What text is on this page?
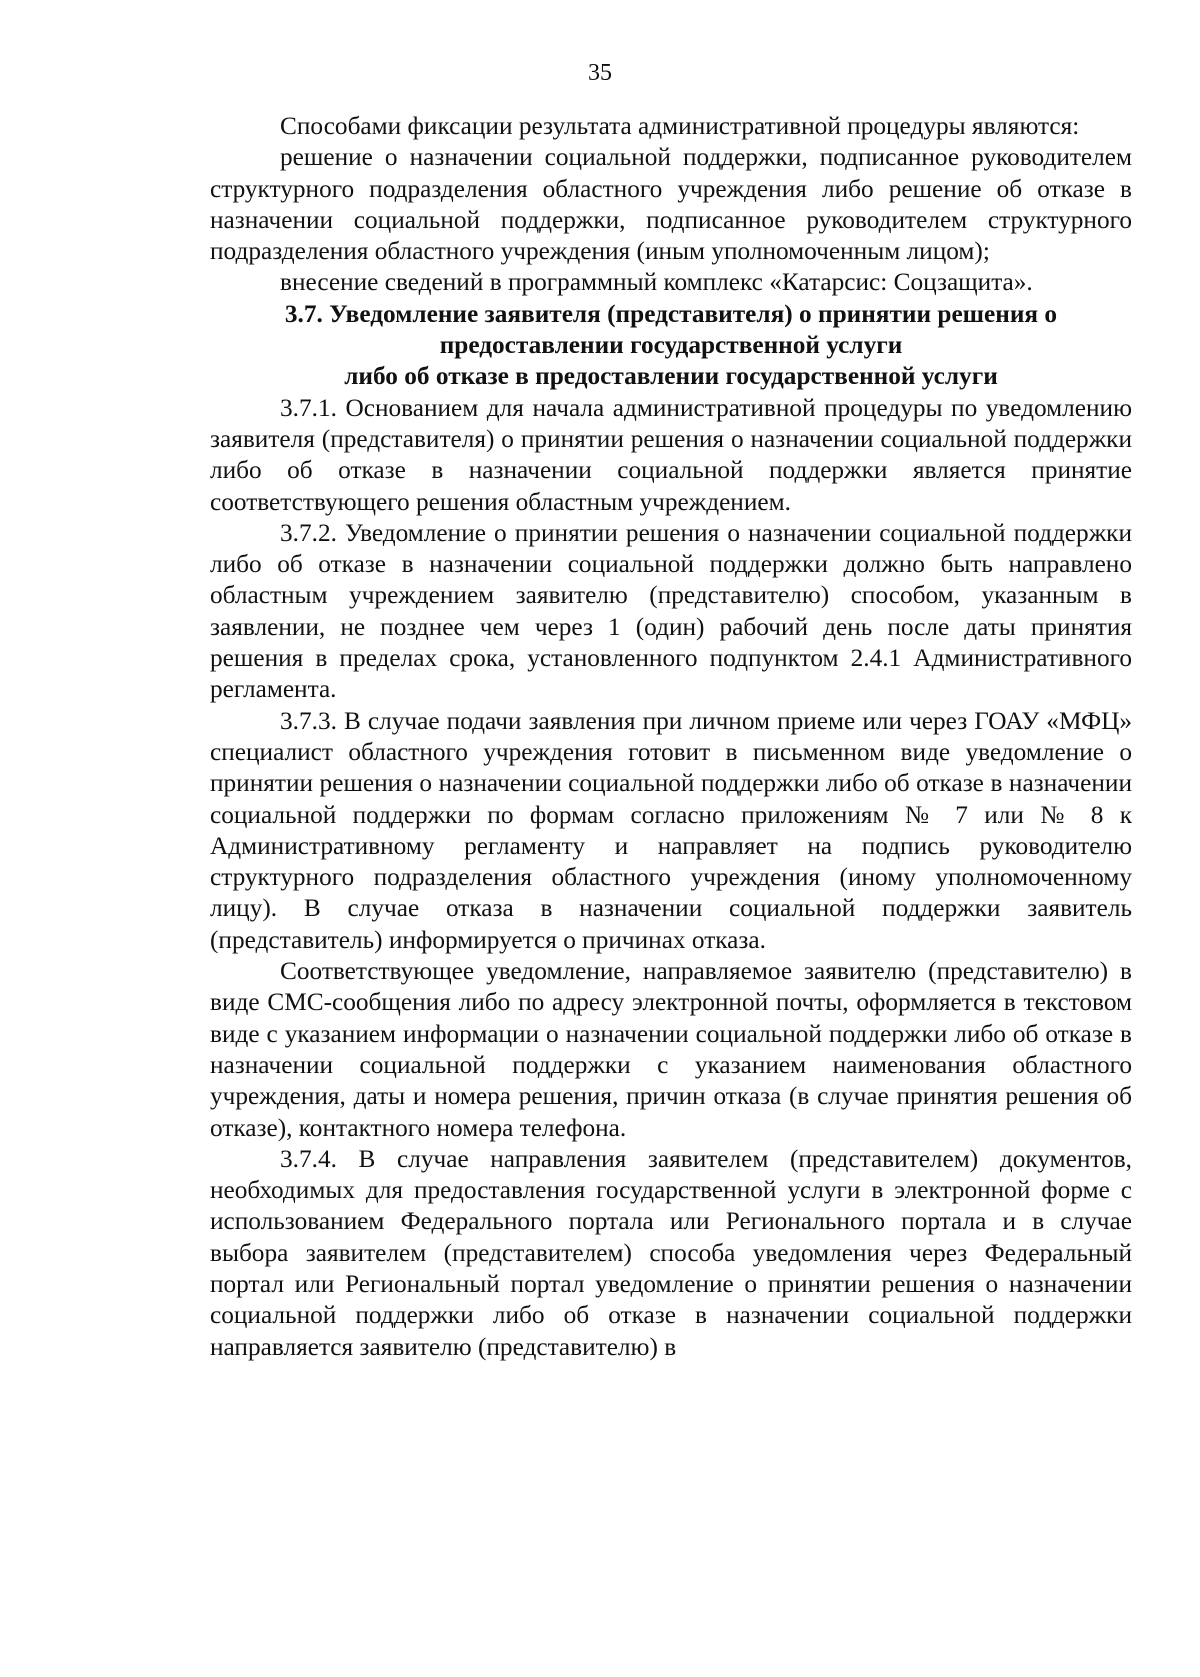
35

Способами фиксации результата административной процедуры являются:

решение о назначении социальной поддержки, подписанное руководителем структурного подразделения областного учреждения либо решение об отказе в назначении социальной поддержки, подписанное руководителем структурного подразделения областного учреждения (иным уполномоченным лицом);

внесение сведений в программный комплекс «Катарсис: Соцзащита».

3.7. Уведомление заявителя (представителя) о принятии решения о

предоставлении государственной услуги

либо об отказе в предоставлении государственной услуги

3.7.1. Основанием для начала административной процедуры по уведомлению заявителя (представителя) о принятии решения о назначении социальной поддержки либо об отказе в назначении социальной поддержки является принятие соответствующего решения областным учреждением.

3.7.2. Уведомление о принятии решения о назначении социальной поддержки либо об отказе в назначении социальной поддержки должно быть направлено областным учреждением заявителю (представителю) способом, указанным в заявлении, не позднее чем через 1 (один) рабочий день после даты принятия решения в пределах срока, установленного подпунктом 2.4.1 Административного регламента.

3.7.3. В случае подачи заявления при личном приеме или через ГОАУ «МФЦ» специалист областного учреждения готовит в письменном виде уведомление о принятии решения о назначении социальной поддержки либо об отказе в назначении социальной поддержки по формам согласно приложениям № 7 или № 8 к Административному регламенту и направляет на подпись руководителю структурного подразделения областного учреждения (иному уполномоченному лицу). В случае отказа в назначении социальной поддержки заявитель (представитель) информируется о причинах отказа.

Соответствующее уведомление, направляемое заявителю (представителю) в виде СМС-сообщения либо по адресу электронной почты, оформляется в текстовом виде с указанием информации о назначении социальной поддержки либо об отказе в назначении социальной поддержки с указанием наименования областного учреждения, даты и номера решения, причин отказа (в случае принятия решения об отказе), контактного номера телефона.

3.7.4. В случае направления заявителем (представителем) документов, необходимых для предоставления государственной услуги в электронной форме с использованием Федерального портала или Регионального портала и в случае выбора заявителем (представителем) способа уведомления через Федеральный портал или Региональный портал уведомление о принятии решения о назначении социальной поддержки либо об отказе в назначении социальной поддержки направляется заявителю (представителю) в
